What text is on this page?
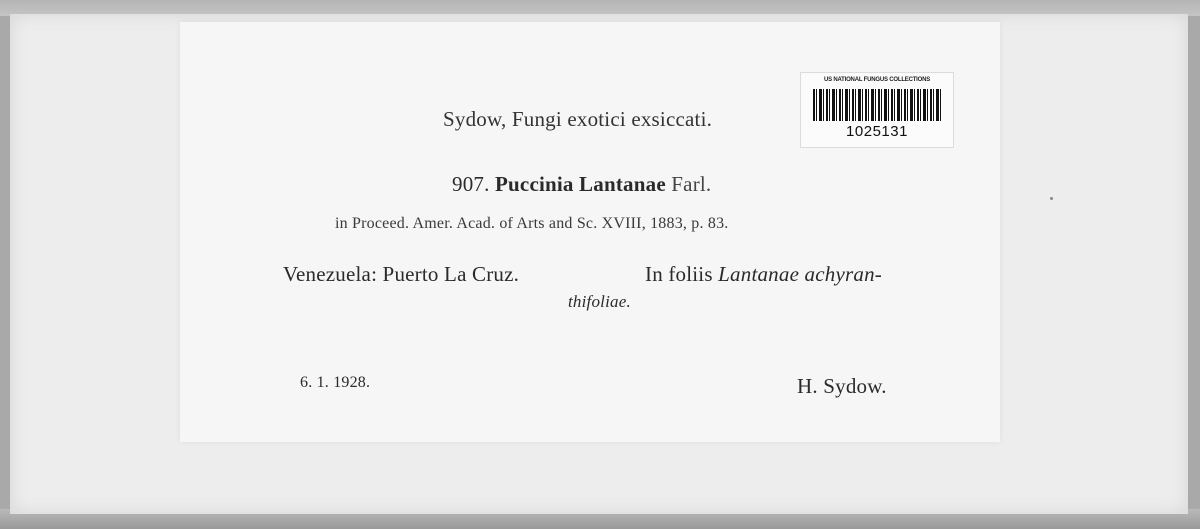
Sydow, Fungi exotici exsiccati.
907. Puccinia Lantanae Farl.
in Proceed. Amer. Acad. of Arts and Sc. XVIII, 1883, p. 83.
Venezuela: Puerto La Cruz.	In foliis Lantanae achyran-
thifoliae.
6. 1. 1928.	H. Sydow.
US NATIONAL FUNGUS COLLECTIONS
1025131
